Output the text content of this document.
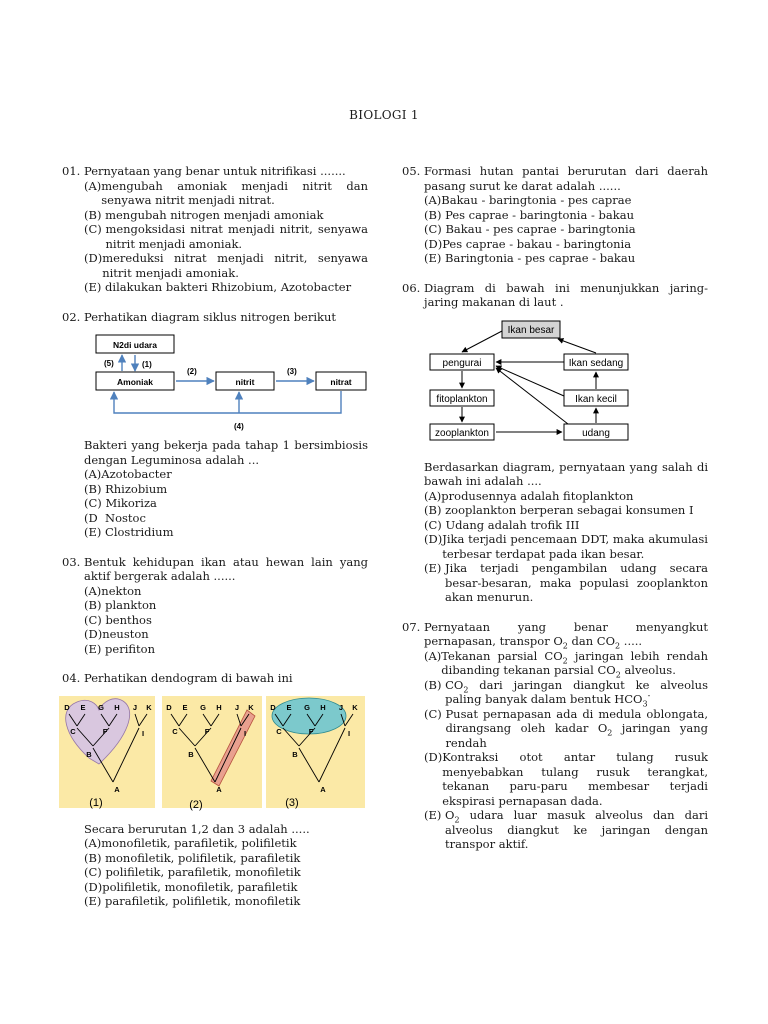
BIOLOGI 1
01. Pernyataan yang benar untuk nitrifikasi .......
(A) mengubah amoniak menjadi nitrit dan senyawa nitrit menjadi nitrat.
(B) mengubah nitrogen menjadi amoniak
(C) mengoksidasi nitrat menjadi nitrit, senyawa nitrit menjadi amoniak.
(D) mereduksi nitrat menjadi nitrit, senyawa nitrit menjadi amoniak.
(E) dilakukan bakteri Rhizobium, Azotobacter
02. Perhatikan diagram siklus nitrogen berikut
N2di udara
Amoniak	nitrit	nitrat
(5)	(1)
(2)	(3)
(4)
Bakteri yang bekerja pada tahap 1 bersimbiosis dengan Leguminosa adalah ...
(A) Azotobacter
(B) Rhizobium
(C) Mikoriza
(D Nostoc
(E) Clostridium
03. Bentuk kehidupan ikan atau hewan lain yang aktif bergerak adalah ......
(A) nekton
(B) plankton
(C) benthos
(D) neuston
(E) perifiton
04. Perhatikan dendogram di bawah ini
D E G H J K
C	F	I
B
A
D E G H J K
C	F	I
B
A
D E G H J K
C	F	I
B
A
(1)	(2)	(3)
Secara berurutan 1,2 dan 3 adalah .....
(A) monofiletik, parafiletik, polifiletik
(B) monofiletik, polifiletik, parafiletik
(C) polifiletik, parafiletik, monofiletik
(D) polifiletik, monofiletik, parafiletik
(E) parafiletik, polifiletik, monofiletik
05. Formasi hutan pantai berurutan dari daerah pasang surut ke darat adalah ......
(A) Bakau - baringtonia - pes caprae
(B) Pes caprae - baringtonia - bakau
(C) Bakau - pes caprae - baringtonia
(D) Pes caprae - bakau - baringtonia
(E) Baringtonia - pes caprae - bakau
06. Diagram di bawah ini menunjukkan jaring-jaring makanan di laut .
Ikan besar
pengurai	Ikan sedang
fitoplankton	Ikan kecil
zooplankton	udang
Berdasarkan diagram, pernyataan yang salah di bawah ini adalah ....
(A) produsennya adalah fitoplankton
(B) zooplankton berperan sebagai konsumen I
(C) Udang adalah trofik III
(D) Jika terjadi pencemaan DDT, maka akumulasi terbesar terdapat pada ikan besar.
(E) Jika terjadi pengambilan udang secara besar-besaran, maka populasi zooplankton akan menurun.
07. Pernyataan yang benar menyangkut pernapasan, transpor $O_2$ dan $CO_2$ .....
(A) Tekanan parsial $CO_2$ jaringan lebih rendah dibanding tekanan parsial $CO_2$ alveolus.
(B) $CO_2$ dari jaringan diangkut ke alveolus paling banyak dalam bentuk $HCO_3^-$
(C) Pusat pernapasan ada di medula oblongata, dirangsang oleh kadar $O_2$ jaringan yang rendah
(D) Kontraksi otot antar tulang rusuk menyebabkan tulang rusuk terangkat, tekanan paru-paru membesar terjadi ekspirasi pernapasan dada.
(E) $O_2$ udara luar masuk alveolus dan dari alveolus diangkut ke jaringan dengan transpor aktif.
